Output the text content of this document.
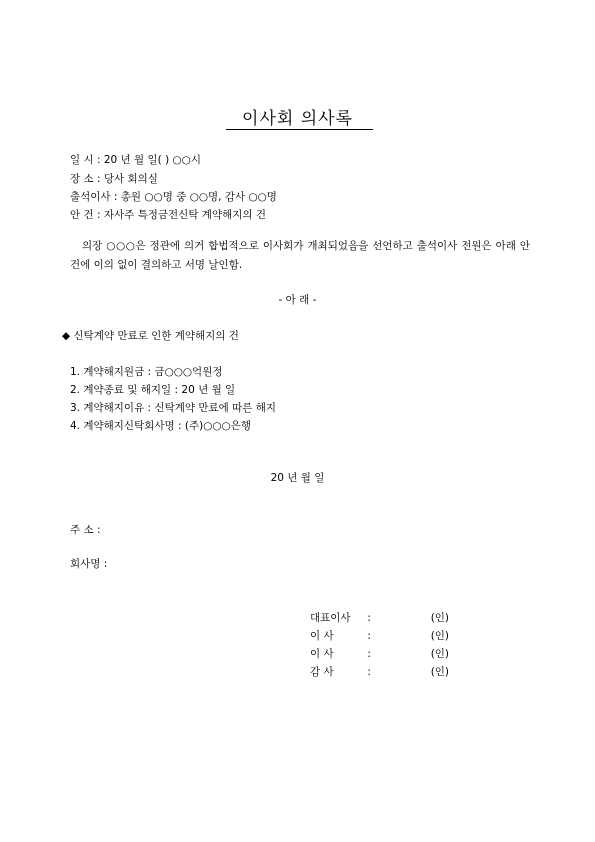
이사회 의사록
일 시 : 20 년 월 일( ) ○○시
장 소 : 당사 회의실
출석이사 : 총원 ○○명 중 ○○명, 감사 ○○명
안 건 : 자사주 특정금전신탁 계약해지의 건
의장 ○○○은 정관에 의거 합법적으로 이사회가 개최되었음을 선언하고 출석이사 전원은 아래 안건에 이의 없이 결의하고 서명 날인함.
- 아 래 -
◆ 신탁계약 만료로 인한 계약해지의 건
1. 계약해지원금 : 금○○○억원정
2. 계약종료 및 해지일 : 20 년 월 일
3. 계약해지이유 : 신탁계약 만료에 따른 해지
4. 계약해지신탁회사명 : (주)○○○은행
20 년 월 일
주 소 :
회사명 :
대표이사 :	(인)
이 사	:	(인)
이 사	:	(인)
감 사	:	(인)
